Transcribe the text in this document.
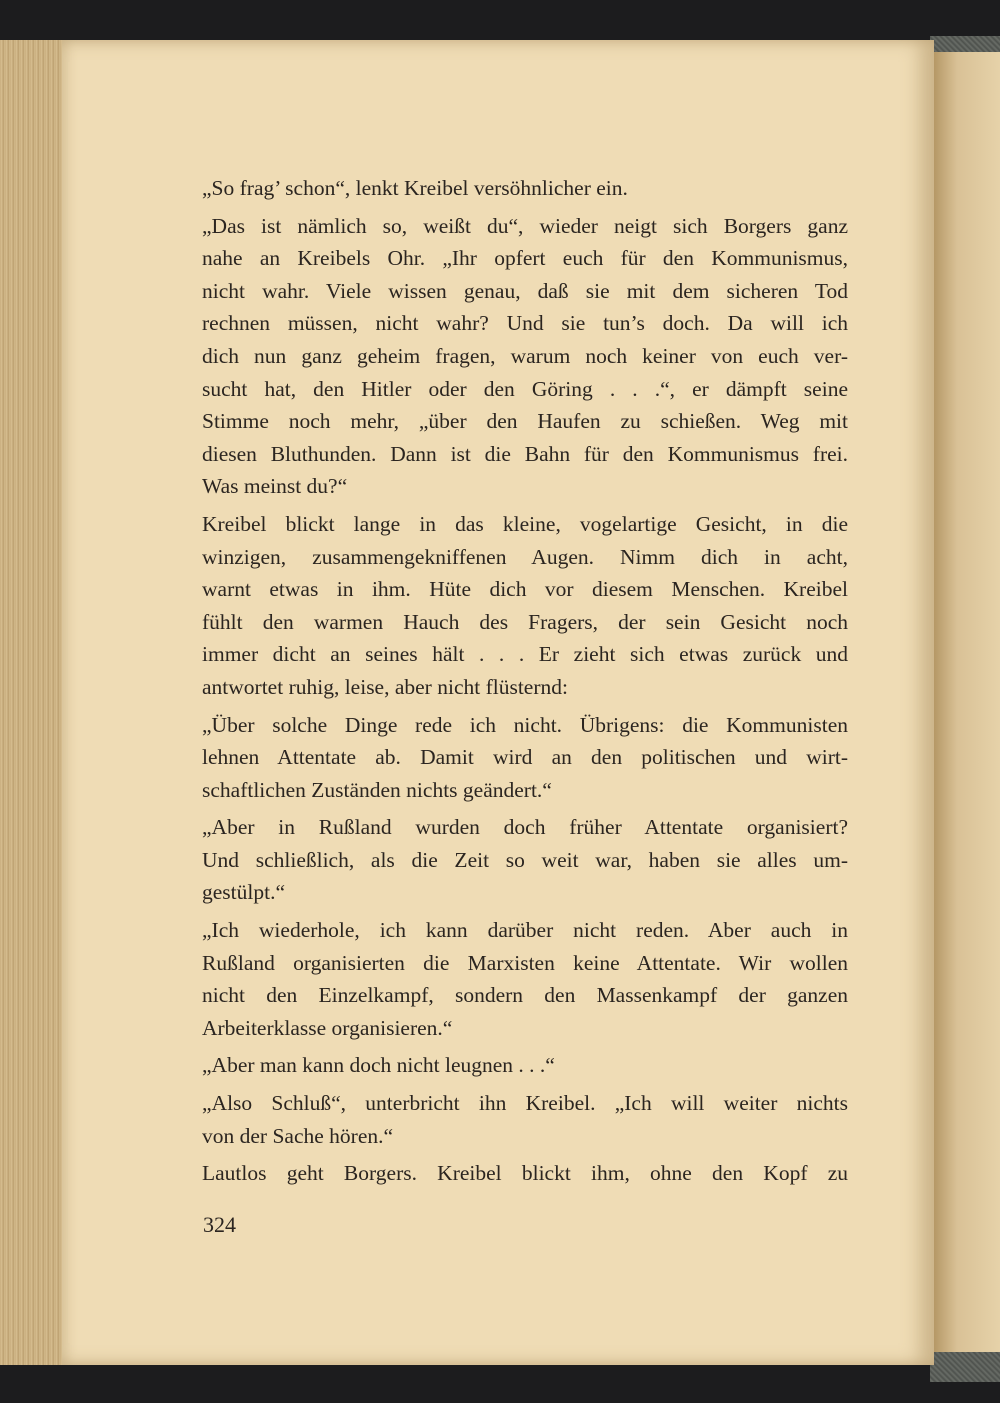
„So frag’ schon“, lenkt Kreibel versöhnlicher ein.
„Das ist nämlich so, weißt du“, wieder neigt sich Borgers ganz
nahe an Kreibels Ohr. „Ihr opfert euch für den Kommunismus,
nicht wahr. Viele wissen genau, daß sie mit dem sicheren Tod
rechnen müssen, nicht wahr? Und sie tun’s doch. Da will ich
dich nun ganz geheim fragen, warum noch keiner von euch ver-
sucht hat, den Hitler oder den Göring . . .“, er dämpft seine
Stimme noch mehr, „über den Haufen zu schießen. Weg mit
diesen Bluthunden. Dann ist die Bahn für den Kommunismus frei.
Was meinst du?“
Kreibel blickt lange in das kleine, vogelartige Gesicht, in die
winzigen, zusammengekniffenen Augen. Nimm dich in acht,
warnt etwas in ihm. Hüte dich vor diesem Menschen. Kreibel
fühlt den warmen Hauch des Fragers, der sein Gesicht noch
immer dicht an seines hält . . . Er zieht sich etwas zurück und
antwortet ruhig, leise, aber nicht flüsternd:
„Über solche Dinge rede ich nicht. Übrigens: die Kommunisten
lehnen Attentate ab. Damit wird an den politischen und wirt-
schaftlichen Zuständen nichts geändert.“
„Aber in Rußland wurden doch früher Attentate organisiert?
Und schließlich, als die Zeit so weit war, haben sie alles um-
gestülpt.“
„Ich wiederhole, ich kann darüber nicht reden. Aber auch in
Rußland organisierten die Marxisten keine Attentate. Wir wollen
nicht den Einzelkampf, sondern den Massenkampf der ganzen
Arbeiterklasse organisieren.“
„Aber man kann doch nicht leugnen . . .“
„Also Schluß“, unterbricht ihn Kreibel. „Ich will weiter nichts
von der Sache hören.“
Lautlos geht Borgers. Kreibel blickt ihm, ohne den Kopf zu
324
